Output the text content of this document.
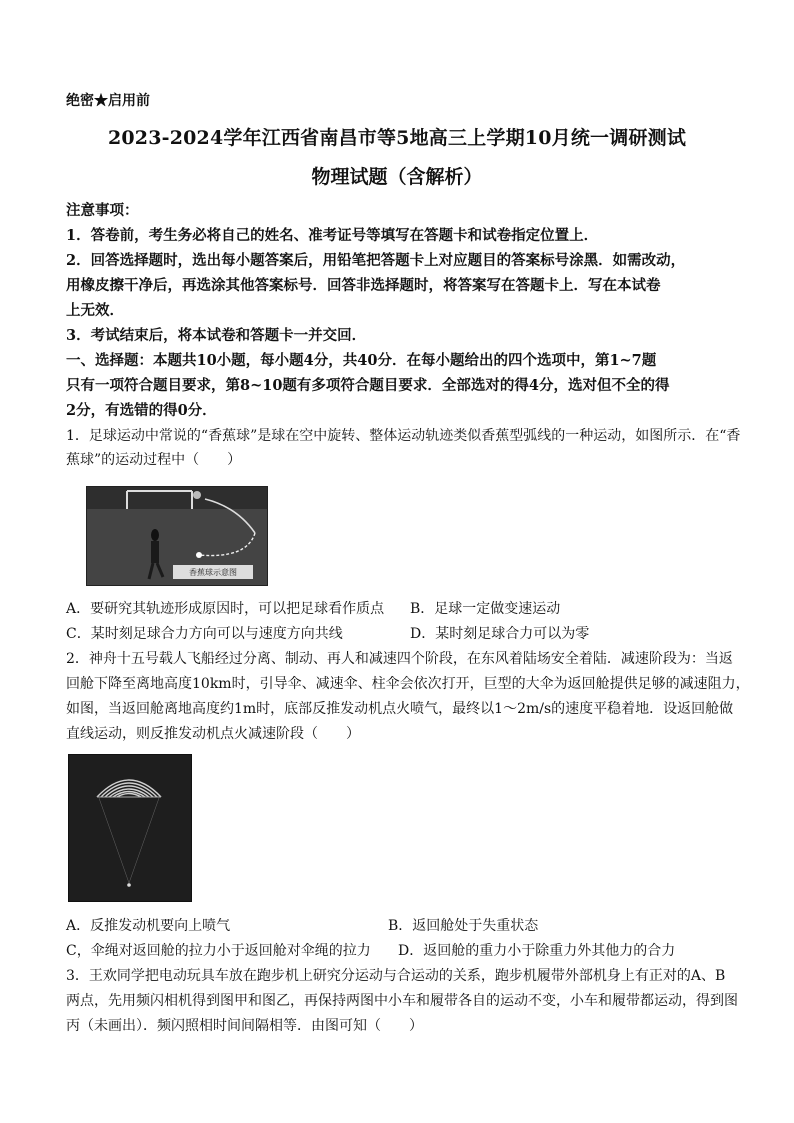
绝密★启用前
2023-2024学年江西省南昌市等5地高三上学期10月统一调研测试
物理试题（含解析）
注意事项：
1．答卷前，考生务必将自己的姓名、准考证号等填写在答题卡和试卷指定位置上．
2．回答选择题时，选出每小题答案后，用铅笔把答题卡上对应题目的答案标号涂黑．如需改动，
用橡皮擦干净后，再选涂其他答案标号．回答非选择题时，将答案写在答题卡上．写在本试卷
上无效．
3．考试结束后，将本试卷和答题卡一并交回．
一、选择题：本题共10小题，每小题4分，共40分．在每小题给出的四个选项中，第1~7题
只有一项符合题目要求，第8~10题有多项符合题目要求．全部选对的得4分，选对但不全的得
2分，有选错的得0分．
1．足球运动中常说的“香蕉球”是球在空中旋转、整体运动轨迹类似香蕉型弧线的一种运动，如图所示．在“香
蕉球”的运动过程中（　　）
香蕉球示意图
A．要研究其轨迹形成原因时，可以把足球看作质点 B．足球一定做变速运动
C．某时刻足球合力方向可以与速度方向共线	D．某时刻足球合力可以为零
2．神舟十五号载人飞船经过分离、制动、再人和减速四个阶段，在东风着陆场安全着陆．减速阶段为：当返
回舱下降至离地高度10km时，引导伞、减速伞、柱伞会依次打开，巨型的大伞为返回舱提供足够的减速阻力，
如图，当返回舱离地高度约1m时，底部反推发动机点火喷气，最终以1～2m/s的速度平稳着地．设返回舱做
直线运动，则反推发动机点火减速阶段（　　）
A．反推发动机要向上喷气	B．返回舱处于失重状态
C，伞绳对返回舱的拉力小于返回舱对伞绳的拉力 D．返回舱的重力小于除重力外其他力的合力
3．王欢同学把电动玩具车放在跑步机上研究分运动与合运动的关系，跑步机履带外部机身上有正对的A、B
两点，先用频闪相机得到图甲和图乙，再保持两图中小车和履带各自的运动不变，小车和履带都运动，得到图
丙（未画出）．频闪照相时间间隔相等．由图可知（　　）
